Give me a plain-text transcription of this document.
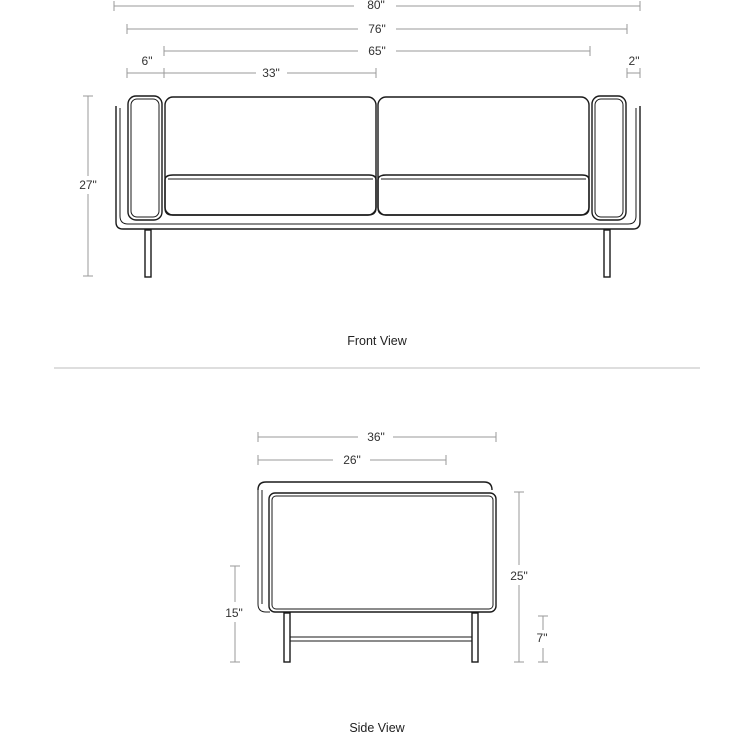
80"
76"
65"
6"
33"
2"
27"
Front View
36"
26"
15"
25"
7"
Side View
